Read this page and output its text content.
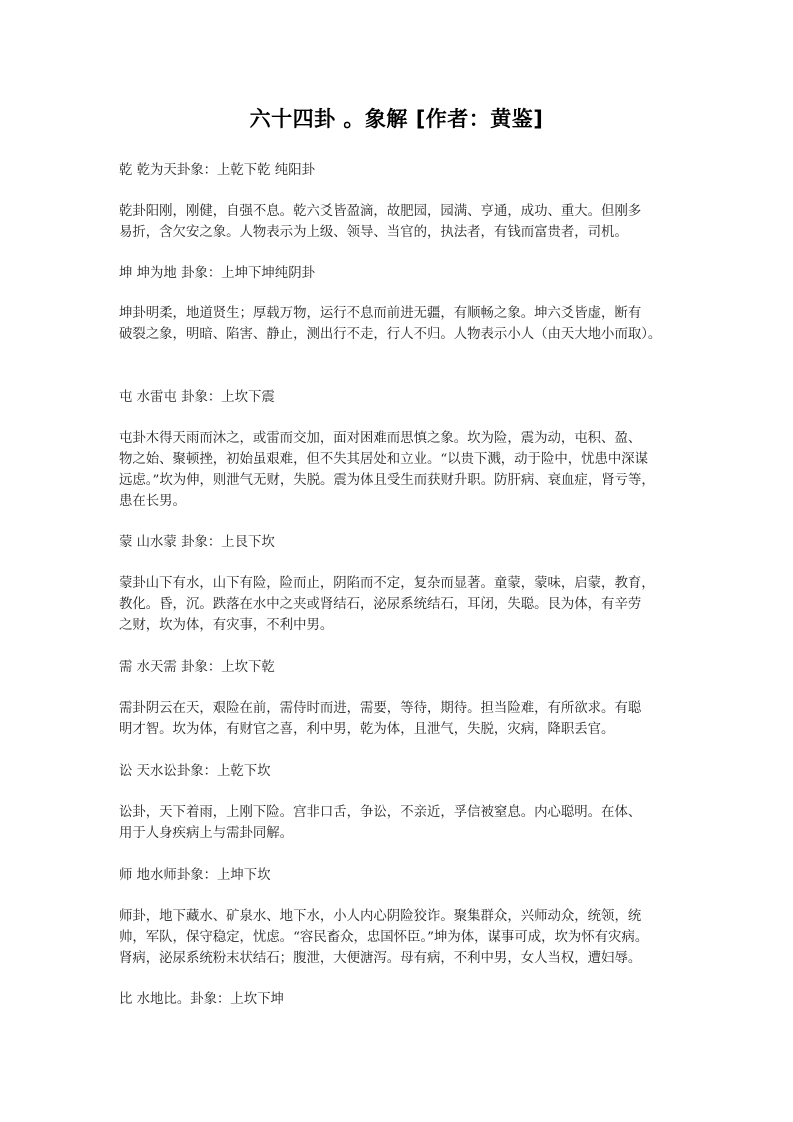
六十四卦 。象解 [作者：黄鉴]
乾 乾为天卦象：上乾下乾 纯阳卦
乾卦阳刚，刚健，自强不息。乾六爻皆盈滴，故肥园，园满、亨通，成功、重大。但刚多
易折，含欠安之象。人物表示为上级、领导、当官的，执法者，有钱而富贵者，司机。
坤 坤为地 卦象：上坤下坤纯阴卦
坤卦明柔，地道贤生；厚载万物，运行不息而前进无疆，有顺畅之象。坤六爻皆虚，断有
破裂之象，明暗、陷害、静止，测出行不走，行人不归。人物表示小人（由天大地小而取）。
屯 水雷屯 卦象：上坎下震
屯卦木得天雨而沐之，或雷而交加，面对困难而思慎之象。坎为险，震为动，屯积、盈、
物之始、聚顿挫，初始虽艰难，但不失其居处和立业。“以贵下溅，动于险中，忧患中深谋
远虑。”坎为伸，则泄气无财，失脱。震为体且受生而获财升职。防肝病、衰血症，肾亏等，
患在长男。
蒙 山水蒙 卦象：上艮下坎
蒙卦山下有水，山下有险，险而止，阴陷而不定，复杂而显著。童蒙，蒙味，启蒙，教育，
教化。昏，沉。跌落在水中之夹或肾结石，泌尿系统结石，耳闭，失聪。艮为体，有辛劳
之财，坎为体，有灾事，不利中男。
需 水天需 卦象：上坎下乾
需卦阴云在天，艰险在前，需侍时而进，需要，等待，期待。担当险难，有所欲求。有聪
明才智。坎为体，有财官之喜，利中男，乾为体，且泄气，失脱，灾病，降职丢官。
讼 天水讼卦象：上乾下坎
讼卦，天下着雨，上刚下险。宫非口舌，争讼，不亲近，孚信被窒息。内心聪明。在体、
用于人身疾病上与需卦同解。
师 地水师卦象：上坤下坎
师卦，地下藏水、矿泉水、地下水，小人内心阴险狡诈。聚集群众，兴师动众，统领，统
帅，军队，保守稳定，忧虑。“容民畜众，忠国怀臣。”坤为体，谋事可成，坎为怀有灾病。
肾病，泌尿系统粉末状结石；腹泄，大便溏泻。母有病，不利中男，女人当权，遭妇辱。
比 水地比。卦象：上坎下坤
